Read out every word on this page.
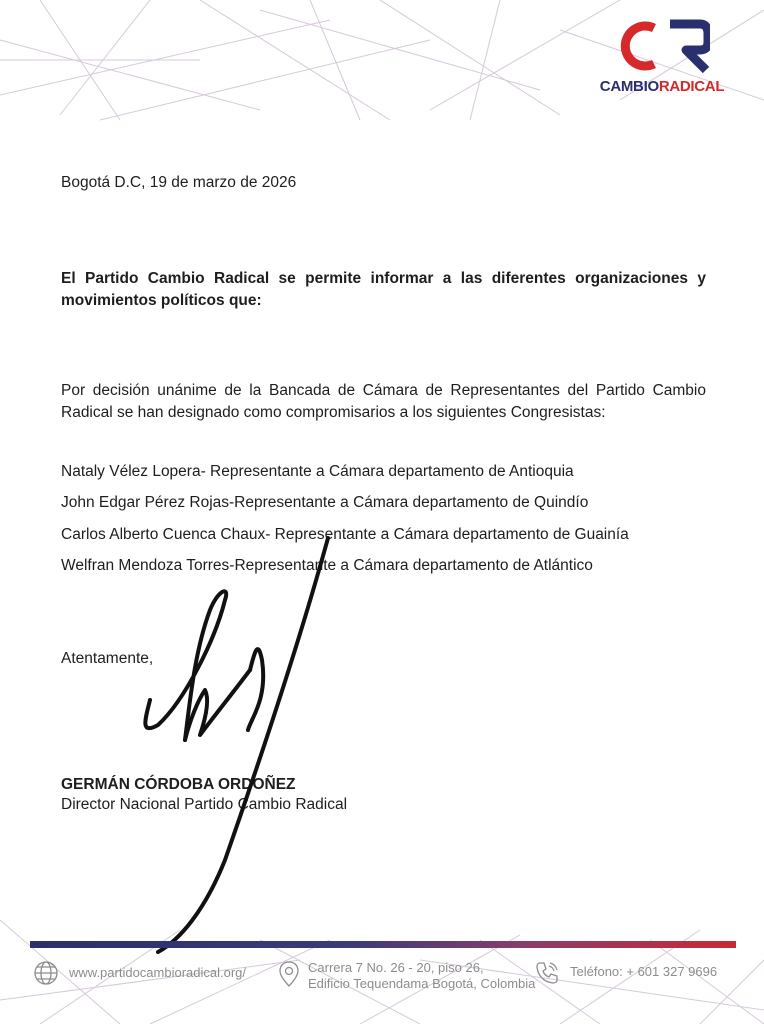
CAMBIORADICAL
Bogotá D.C, 19 de marzo de 2026
El Partido Cambio Radical se permite informar a las diferentes organizaciones y movimientos políticos que:
Por decisión unánime de la Bancada de Cámara de Representantes del Partido Cambio Radical se han designado como compromisarios a los siguientes Congresistas:
Nataly Vélez Lopera- Representante a Cámara departamento de Antioquia
John Edgar Pérez Rojas-Representante a Cámara departamento de Quindío
Carlos Alberto Cuenca Chaux- Representante a Cámara departamento de Guainía
Welfran Mendoza Torres-Representante a Cámara departamento de Atlántico
Atentamente,
GERMÁN CÓRDOBA ORDOÑEZ
Director Nacional Partido Cambio Radical
www.partidocambioradical.org/	Carrera 7 No. 26 - 20, piso 26,
Edificio Tequendama Bogotá, Colombia
Teléfono: + 601 327 9696
